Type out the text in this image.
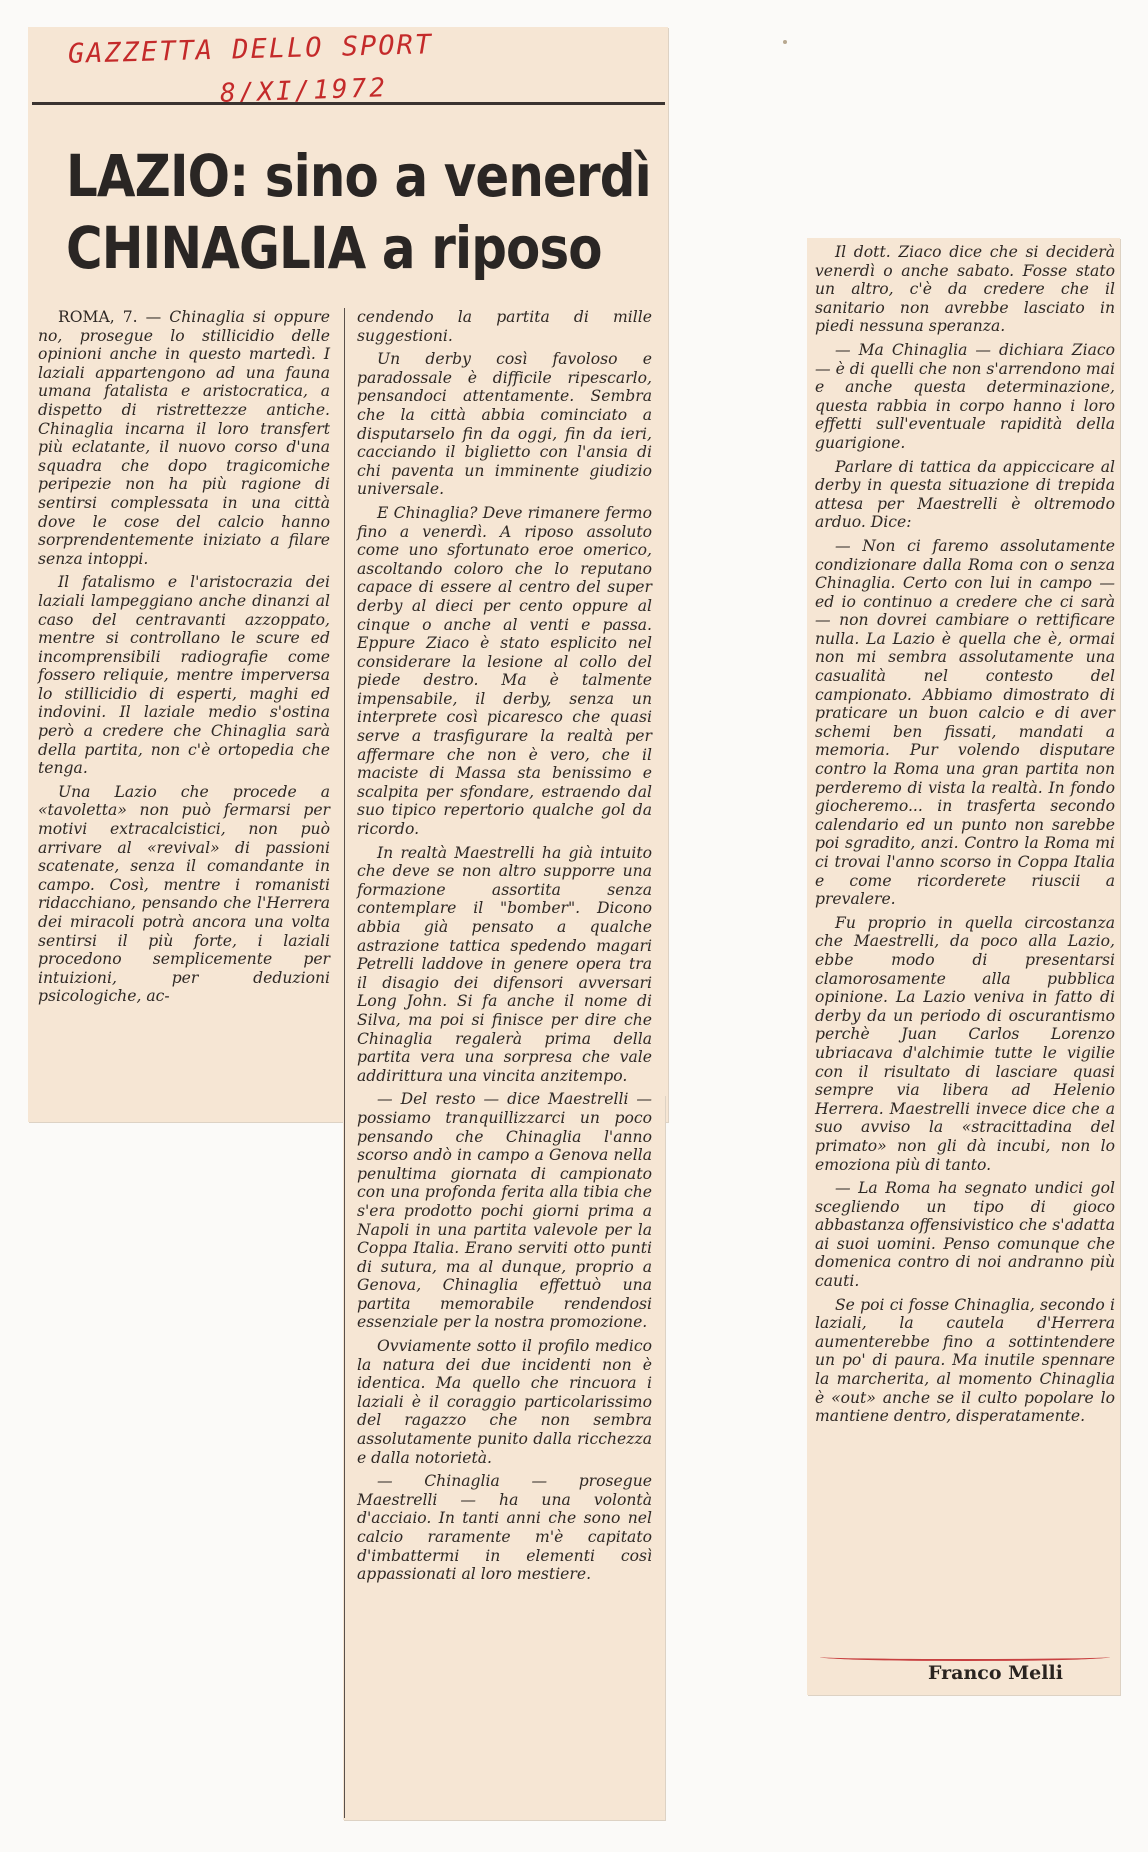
GAZZETTA DELLO SPORT
8/XI/1972
LAZIO: sino a venerdì
CHINAGLIA a riposo

ROMA, 7. — Chinaglia si oppure no, prosegue lo stillicidio delle opinioni anche in questo martedì. I laziali appartengono ad una fauna umana fatalista e aristocratica, a dispetto di ristrettezze antiche. Chinaglia incarna il loro transfert più eclatante, il nuovo corso d'una squadra che dopo tragicomiche peripezie non ha più ragione di sentirsi complessata in una città dove le cose del calcio hanno sorprendentemente iniziato a filare senza intoppi.

Il fatalismo e l'aristocrazia dei laziali lampeggiano anche dinanzi al caso del centravanti azzoppato, mentre si controllano le scure ed incomprensibili radiografie come fossero reliquie, mentre imperversa lo stillicidio di esperti, maghi ed indovini. Il laziale medio s'ostina però a credere che Chinaglia sarà della partita, non c'è ortopedia che tenga.

Una Lazio che procede a «tavoletta» non può fermarsi per motivi extracalcistici, non può arrivare al «revival» di passioni scatenate, senza il comandante in campo. Così, mentre i romanisti ridacchiano, pensando che l'Herrera dei miracoli potrà ancora una volta sentirsi il più forte, i laziali procedono semplicemente per intuizioni, per deduzioni psicologiche, ac-

cendendo la partita di mille suggestioni.

Un derby così favoloso e paradossale è difficile ripescarlo, pensandoci attentamente. Sembra che la città abbia cominciato a disputarselo fin da oggi, fin da ieri, cacciando il biglietto con l'ansia di chi paventa un imminente giudizio universale.

E Chinaglia? Deve rimanere fermo fino a venerdì. A riposo assoluto come uno sfortunato eroe omerico, ascoltando coloro che lo reputano capace di essere al centro del super derby al dieci per cento oppure al cinque o anche al venti e passa. Eppure Ziaco è stato esplicito nel considerare la lesione al collo del piede destro. Ma è talmente impensabile, il derby, senza un interprete così picaresco che quasi serve a trasfigurare la realtà per affermare che non è vero, che il maciste di Massa sta benissimo e scalpita per sfondare, estraendo dal suo tipico repertorio qualche gol da ricordo.

In realtà Maestrelli ha già intuito che deve se non altro supporre una formazione assortita senza contemplare il "bomber". Dicono abbia già pensato a qualche astrazione tattica spedendo magari Petrelli laddove in genere opera tra il disagio dei difensori avversari Long John. Si fa anche il nome di Silva, ma poi si finisce per dire che Chinaglia regalerà prima della partita vera una sorpresa che vale addirittura una vincita anzitempo.

— Del resto — dice Maestrelli — possiamo tranquillizzarci un poco pensando che Chinaglia l'anno scorso andò in campo a Genova nella penultima giornata di campionato con una profonda ferita alla tibia che s'era prodotto pochi giorni prima a Napoli in una partita valevole per la Coppa Italia. Erano serviti otto punti di sutura, ma al dunque, proprio a Genova, Chinaglia effettuò una partita memorabile rendendosi essenziale per la nostra promozione.

Ovviamente sotto il profilo medico la natura dei due incidenti non è identica. Ma quello che rincuora i laziali è il coraggio particolarissimo del ragazzo che non sembra assolutamente punito dalla ricchezza e dalla notorietà.

— Chinaglia — prosegue Maestrelli — ha una volontà d'acciaio. In tanti anni che sono nel calcio raramente m'è capitato d'imbattermi in elementi così appassionati al loro mestiere.

Il dott. Ziaco dice che si deciderà venerdì o anche sabato. Fosse stato un altro, c'è da credere che il sanitario non avrebbe lasciato in piedi nessuna speranza.

— Ma Chinaglia — dichiara Ziaco — è di quelli che non s'arrendono mai e anche questa determinazione, questa rabbia in corpo hanno i loro effetti sull'eventuale rapidità della guarigione.

Parlare di tattica da appiccicare al derby in questa situazione di trepida attesa per Maestrelli è oltremodo arduo. Dice:

— Non ci faremo assolutamente condizionare dalla Roma con o senza Chinaglia. Certo con lui in campo — ed io continuo a credere che ci sarà — non dovrei cambiare o rettificare nulla. La Lazio è quella che è, ormai non mi sembra assolutamente una casualità nel contesto del campionato. Abbiamo dimostrato di praticare un buon calcio e di aver schemi ben fissati, mandati a memoria. Pur volendo disputare contro la Roma una gran partita non perderemo di vista la realtà. In fondo giocheremo... in trasferta secondo calendario ed un punto non sarebbe poi sgradito, anzi. Contro la Roma mi ci trovai l'anno scorso in Coppa Italia e come ricorderete riuscii a prevalere.

Fu proprio in quella circostanza che Maestrelli, da poco alla Lazio, ebbe modo di presentarsi clamorosamente alla pubblica opinione. La Lazio veniva in fatto di derby da un periodo di oscurantismo perchè Juan Carlos Lorenzo ubriacava d'alchimie tutte le vigilie con il risultato di lasciare quasi sempre via libera ad Helenio Herrera. Maestrelli invece dice che a suo avviso la «stracittadina del primato» non gli dà incubi, non lo emoziona più di tanto.

— La Roma ha segnato undici gol scegliendo un tipo di gioco abbastanza offensivistico che s'adatta ai suoi uomini. Penso comunque che domenica contro di noi andranno più cauti.

Se poi ci fosse Chinaglia, secondo i laziali, la cautela d'Herrera aumenterebbe fino a sottintendere un po' di paura. Ma inutile spennare la marcherita, al momento Chinaglia è «out» anche se il culto popolare lo mantiene dentro, disperatamente.

Franco Melli
